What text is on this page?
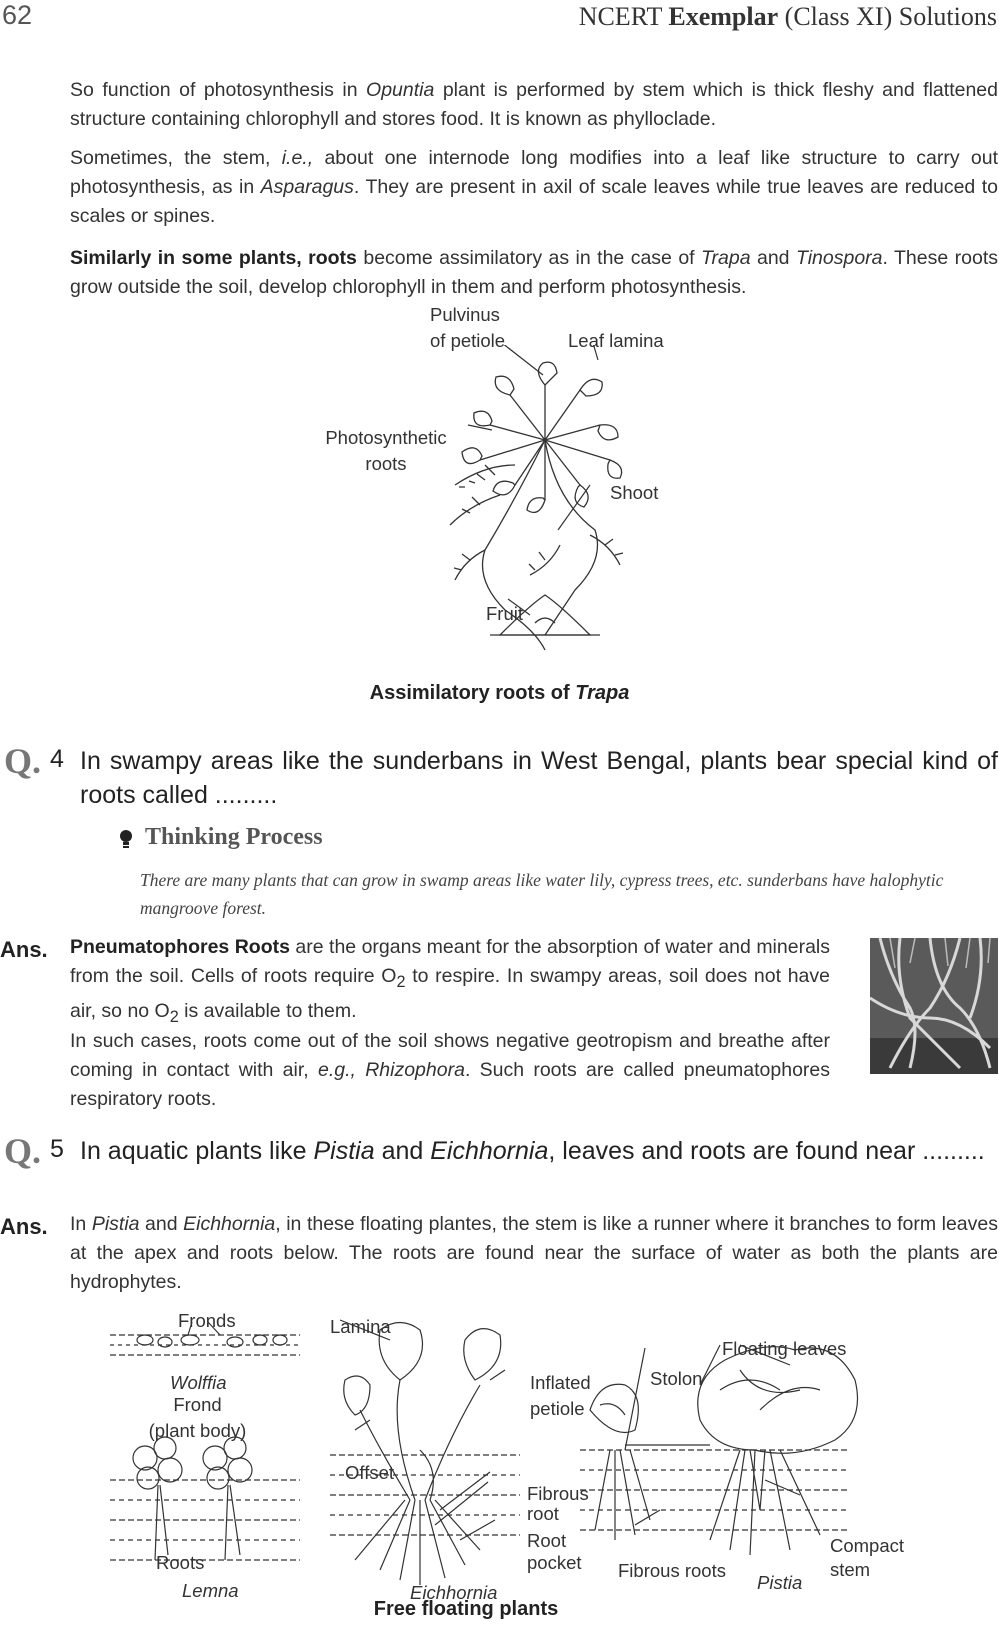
62	NCERT Exemplar (Class XI) Solutions
So function of photosynthesis in Opuntia plant is performed by stem which is thick fleshy and flattened structure containing chlorophyll and stores food. It is known as phylloclade.
Sometimes, the stem, i.e., about one internode long modifies into a leaf like structure to carry out photosynthesis, as in Asparagus. They are present in axil of scale leaves while true leaves are reduced to scales or spines.
Similarly in some plants, roots become assimilatory as in the case of Trapa and Tinospora. These roots grow outside the soil, develop chlorophyll in them and perform photosynthesis.
Pulvinus
of petiole	Leaf lamina
Photosynthetic
roots
Shoot
Fruit
Assimilatory roots of Trapa
Q. 4 In swampy areas like the sunderbans in West Bengal, plants bear special kind of roots called .........
Thinking Process
There are many plants that can grow in swamp areas like water lily, cypress trees, etc. sunderbans have halophytic mangroove forest.
Ans. Pneumatophores Roots are the organs meant for the absorption of water and minerals from the soil. Cells of roots require $O_2$ to respire. In swampy areas, soil does not have air, so no $O_2$ is available to them.
In such cases, roots come out of the soil shows negative geotropism and breathe after coming in contact with air, e.g., Rhizophora. Such roots are called pneumatophores respiratory roots.
Q. 5 In aquatic plants like Pistia and Eichhornia, leaves and roots are found near .........
Ans. In Pistia and Eichhornia, in these floating plantes, the stem is like a runner where it branches to form leaves at the apex and roots below. The roots are found near the surface of water as both the plants are hydrophytes.
Fronds
Wolffia
Frond
(plant body)
Roots
Lemna
Lamina
Inflated
petiole
Offset
Fibrous
root
Root
pocket
Eichhornia
Floating leaves
Stolon
Fibrous roots
Pistia
Compact
stem
Free floating plants
